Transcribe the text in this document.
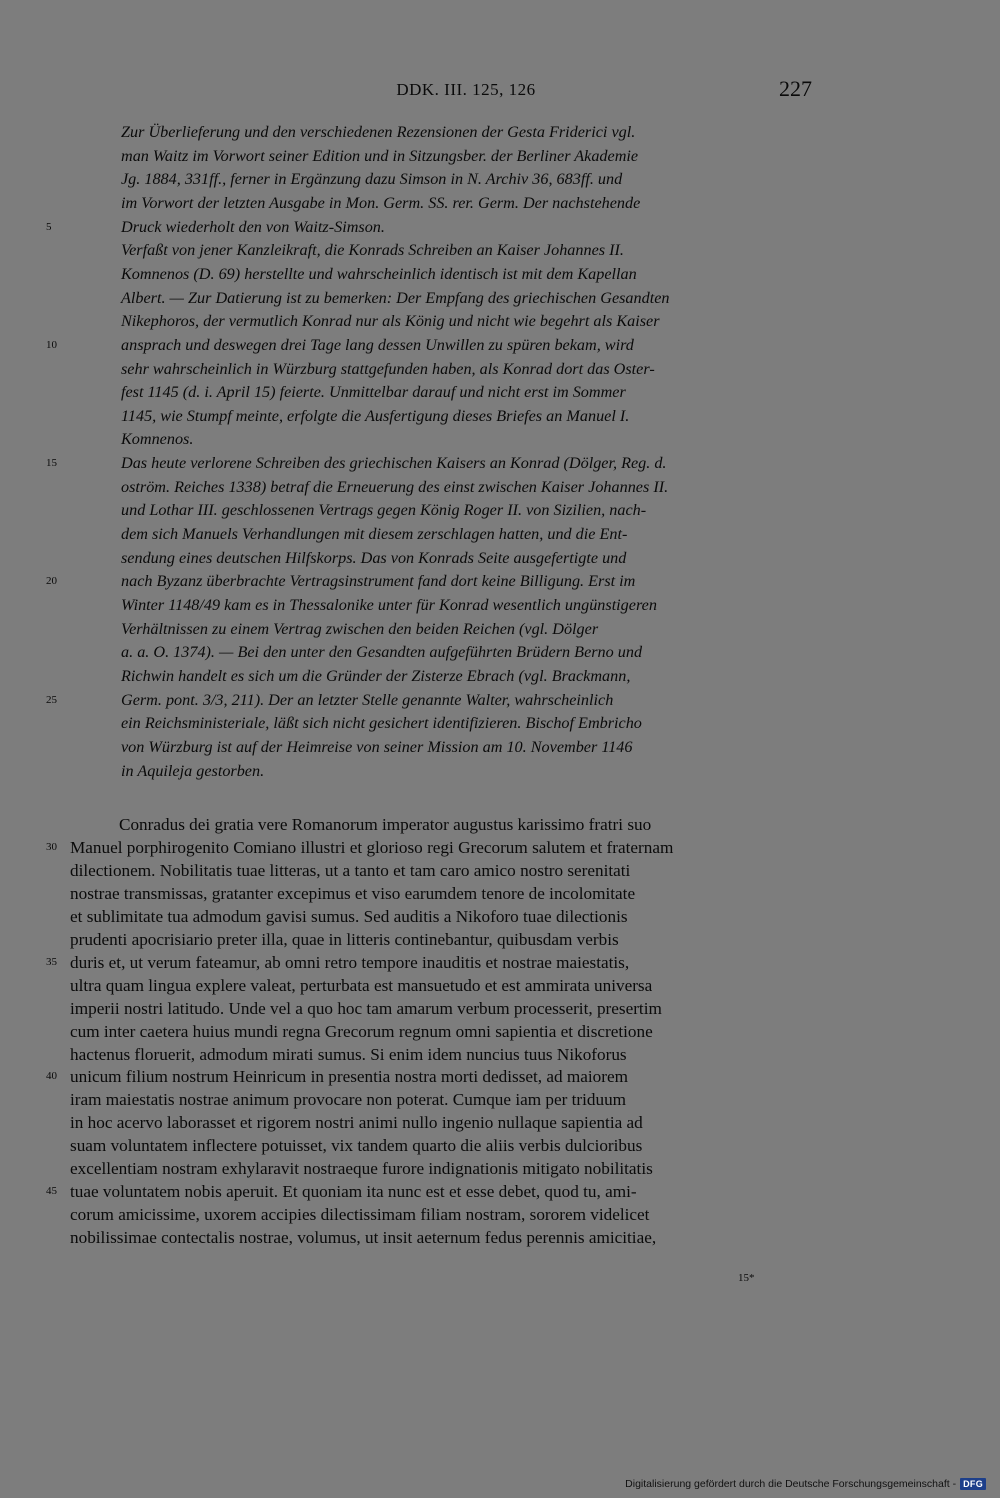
DDK. III. 125, 126	227
Zur Überlieferung und den verschiedenen Rezensionen der Gesta Friderici vgl.
man Waitz im Vorwort seiner Edition und in Sitzungsber. der Berliner Akademie
Jg. 1884, 331ff., ferner in Ergänzung dazu Simson in N. Archiv 36, 683ff. und
im Vorwort der letzten Ausgabe in Mon. Germ. SS. rer. Germ. Der nachstehende
5	Druck wiederholt den von Waitz-Simson.
Verfaßt von jener Kanzleikraft, die Konrads Schreiben an Kaiser Johannes II.
Komnenos (D. 69) herstellte und wahrscheinlich identisch ist mit dem Kapellan
Albert. — Zur Datierung ist zu bemerken: Der Empfang des griechischen Gesandten
Nikephoros, der vermutlich Konrad nur als König und nicht wie begehrt als Kaiser
10	ansprach und deswegen drei Tage lang dessen Unwillen zu spüren bekam, wird
sehr wahrscheinlich in Würzburg stattgefunden haben, als Konrad dort das Oster-
fest 1145 (d. i. April 15) feierte. Unmittelbar darauf und nicht erst im Sommer
1145, wie Stumpf meinte, erfolgte die Ausfertigung dieses Briefes an Manuel I.
Komnenos.
15	Das heute verlorene Schreiben des griechischen Kaisers an Konrad (Dölger, Reg. d.
oström. Reiches 1338) betraf die Erneuerung des einst zwischen Kaiser Johannes II.
und Lothar III. geschlossenen Vertrags gegen König Roger II. von Sizilien, nach-
dem sich Manuels Verhandlungen mit diesem zerschlagen hatten, und die Ent-
sendung eines deutschen Hilfskorps. Das von Konrads Seite ausgefertigte und
20	nach Byzanz überbrachte Vertragsinstrument fand dort keine Billigung. Erst im
Winter 1148/49 kam es in Thessalonike unter für Konrad wesentlich ungünstigeren
Verhältnissen zu einem Vertrag zwischen den beiden Reichen (vgl. Dölger
a. a. O. 1374). — Bei den unter den Gesandten aufgeführten Brüdern Berno und
Richwin handelt es sich um die Gründer der Zisterze Ebrach (vgl. Brackmann,
25	Germ. pont. 3/3, 211). Der an letzter Stelle genannte Walter, wahrscheinlich
ein Reichsministeriale, läßt sich nicht gesichert identifizieren. Bischof Embricho
von Würzburg ist auf der Heimreise von seiner Mission am 10. November 1146
in Aquileja gestorben.
Conradus dei gratia vere Romanorum imperator augustus karissimo fratri suo
30 Manuel porphirogenito Comiano illustri et glorioso regi Grecorum salutem et fraternam
dilectionem. Nobilitatis tuae litteras, ut a tanto et tam caro amico nostro serenitati
nostrae transmissas, gratanter excepimus et viso earumdem tenore de incolomitate
et sublimitate tua admodum gavisi sumus. Sed auditis a Nikoforo tuae dilectionis
prudenti apocrisiario preter illa, quae in litteris continebantur, quibusdam verbis
35 duris et, ut verum fateamur, ab omni retro tempore inauditis et nostrae maiestatis,
ultra quam lingua explere valeat, perturbata est mansuetudo et est ammirata universa
imperii nostri latitudo. Unde vel a quo hoc tam amarum verbum processerit, presertim
cum inter caetera huius mundi regna Grecorum regnum omni sapientia et discretione
hactenus floruerit, admodum mirati sumus. Si enim idem nuncius tuus Nikoforus
40 unicum filium nostrum Heinricum in presentia nostra morti dedisset, ad maiorem
iram maiestatis nostrae animum provocare non poterat. Cumque iam per triduum
in hoc acervo laborasset et rigorem nostri animi nullo ingenio nullaque sapientia ad
suam voluntatem inflectere potuisset, vix tandem quarto die aliis verbis dulcioribus
excellentiam nostram exhylaravit nostraeque furore indignationis mitigato nobilitatis
45 tuae voluntatem nobis aperuit. Et quoniam ita nunc est et esse debet, quod tu, ami-
corum amicissime, uxorem accipies dilectissimam filiam nostram, sororem videlicet
nobilissimae contectalis nostrae, volumus, ut insit aeternum fedus perennis amicitiae,
15*
Digitalisierung gefördert durch die Deutsche Forschungsgemeinschaft - DFG
